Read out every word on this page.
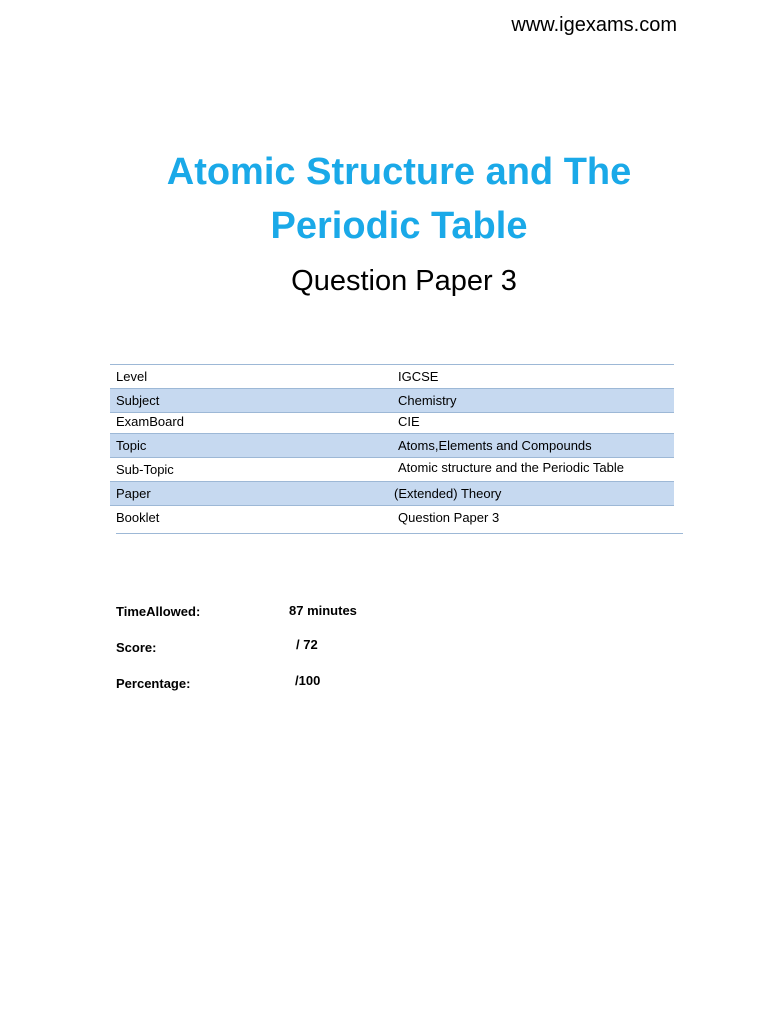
www.igexams.com
Atomic Structure and The
Periodic Table
Question Paper 3
Level	IGCSE
Subject	Chemistry
ExamBoard	CIE
Topic	Atoms,Elements and Compounds
Sub-Topic	Atomic structure and the Periodic Table
Paper	(Extended) Theory
Booklet	Question Paper 3
TimeAllowed:	87 minutes
Score:	/ 72
Percentage:	/100
